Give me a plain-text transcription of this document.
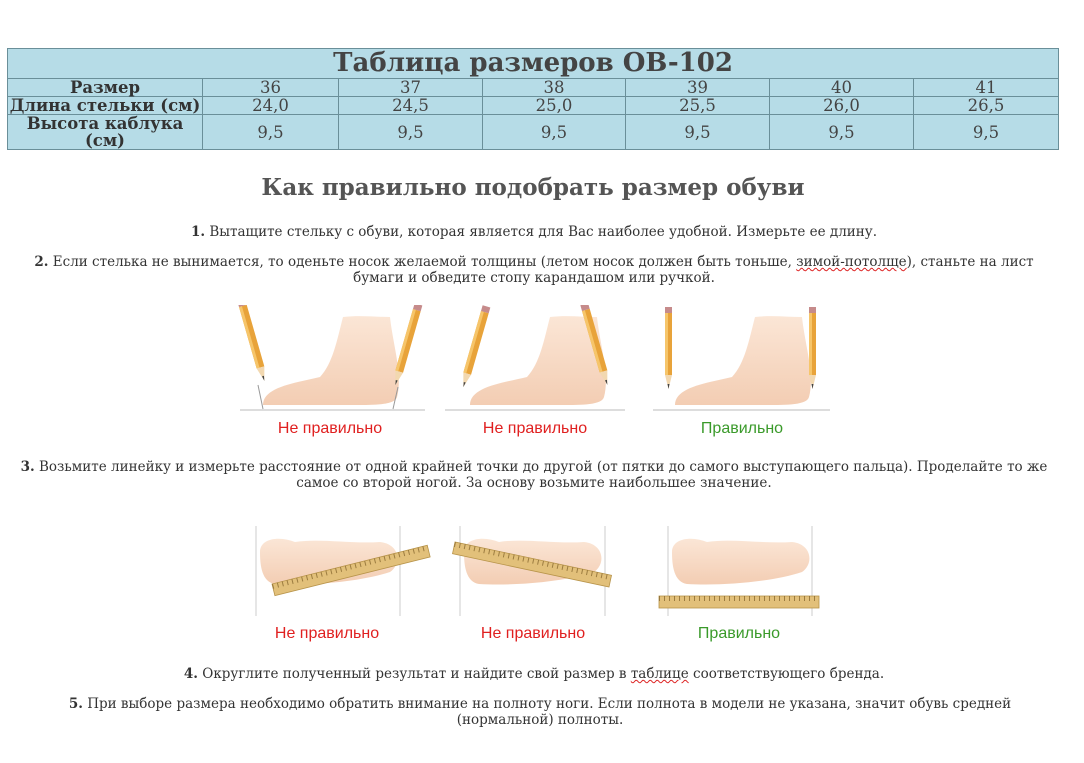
Таблица размеров OB-102						
Размер	36	37	38	39	40	41
Длина стельки (см)	24,0	24,5	25,0	25,5	26,0	26,5
Высота каблука (см)	9,5	9,5	9,5	9,5	9,5	9,5
Как правильно подобрать размер обуви
1. Вытащите стельку с обуви, которая является для Вас наиболее удобной. Измерьте ее длину.
2. Если стелька не вынимается, то оденьте носок желаемой толщины (летом носок должен быть тоньше, зимой-потолще), станьте на лист бумаги и обведите стопу карандашом или ручкой.
Не правильно	Не правильно	Правильно
3. Возьмите линейку и измерьте расстояние от одной крайней точки до другой (от пятки до самого выступающего пальца). Проделайте то же самое со второй ногой. За основу возьмите наибольшее значение.
Не правильно	Не правильно	Правильно
4. Округлите полученный результат и найдите свой размер в таблице соответствующего бренда.
5. При выборе размера необходимо обратить внимание на полноту ноги. Если полнота в модели не указана, значит обувь средней (нормальной) полноты.
